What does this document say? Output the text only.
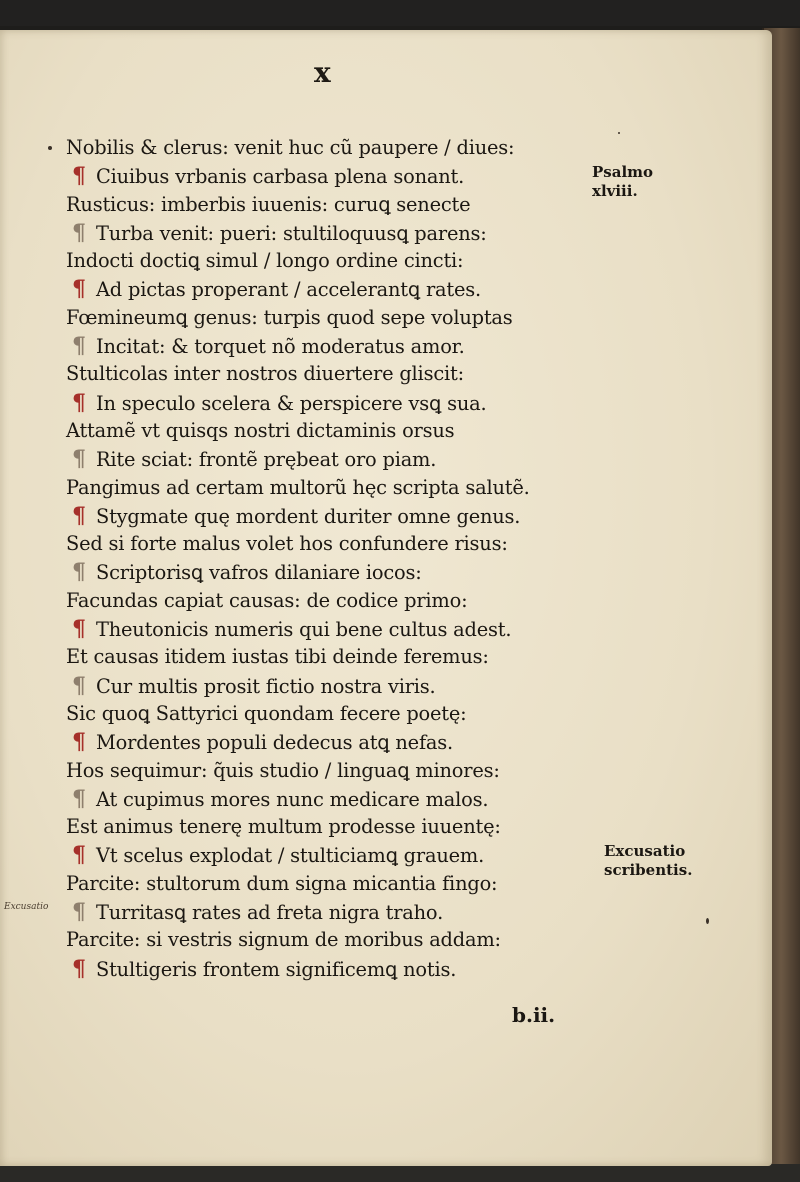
x
Nobilis & clerus: venit huc cũ paupere / diues:
¶ Ciuibus vrbanis carbasa plena sonant.
Rusticus: imberbis iuuenis: curuꝗ senecte
¶ Turba venit: pueri: stultiloquusꝗ parens:
Indocti doctiꝗ simul / longo ordine cincti:
¶ Ad pictas properant / accelerantꝗ rates.
Fœmineumꝗ genus: turpis quod sepe voluptas
¶ Incitat: & torquet nõ moderatus amor.
Stulticolas inter nostros diuertere gliscit:
¶ In speculo scelera & perspicere vsꝗ sua.
Attamẽ vt quisqs nostri dictaminis orsus
¶ Rite sciat: frontẽ prębeat oro piam.
Pangimus ad certam multorũ hęc scripta salutẽ.
¶ Stygmate quę mordent duriter omne genus.
Sed si forte malus volet hos confundere risus:
¶ Scriptorisꝗ vafros dilaniare iocos:
Facundas capiat causas: de codice primo:
¶ Theutonicis numeris qui bene cultus adest.
Et causas itidem iustas tibi deinde feremus:
¶ Cur multis prosit fictio nostra viris.
Sic quoꝗ Sattyrici quondam fecere poetę:
¶ Mordentes populi dedecus atꝗ nefas.
Hos sequimur: q̃uis studio / linguaꝗ minores:
¶ At cupimus mores nunc medicare malos.
Est animus tenerę multum prodesse iuuentę:
¶ Vt scelus explodat / stulticiamꝗ grauem.
Parcite: stultorum dum signa micantia fingo:
¶ Turritasꝗ rates ad freta nigra traho.
Parcite: si vestris signum de moribus addam:
¶ Stultigeris frontem significemꝗ notis.
Psalmo
xlviii.
Excusatio
scribentis.
Excusatio
b.ii.
